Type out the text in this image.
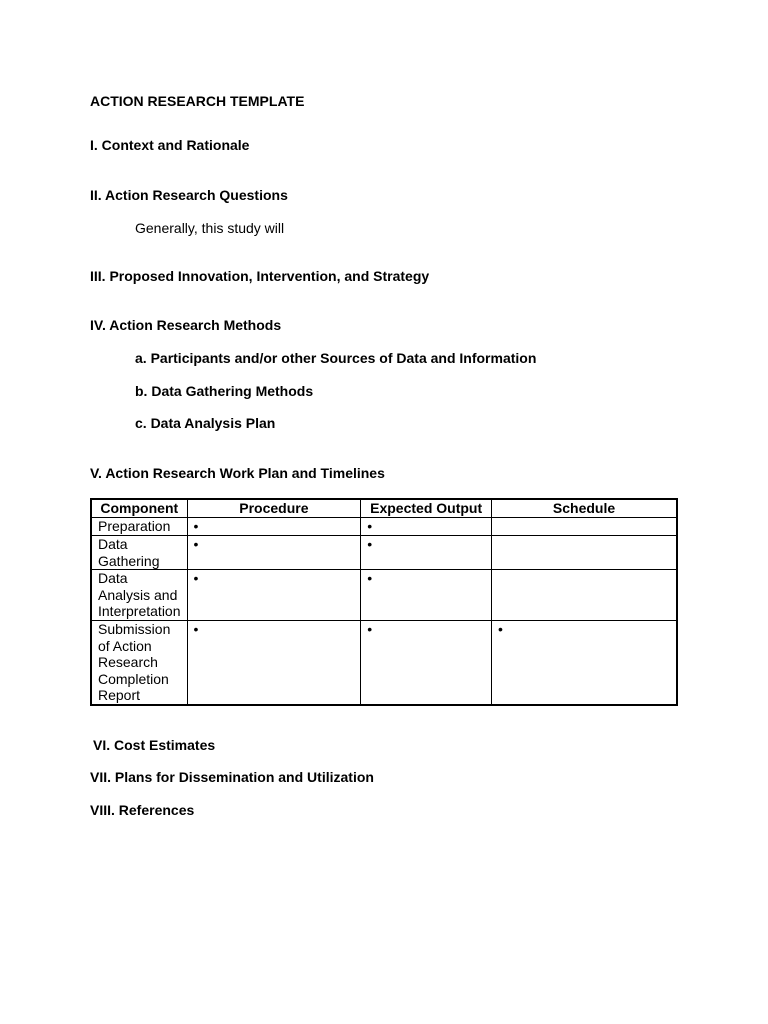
ACTION RESEARCH TEMPLATE
I. Context and Rationale
II. Action Research Questions
Generally, this study will
III. Proposed Innovation, Intervention, and Strategy
IV. Action Research Methods
a. Participants and/or other Sources of Data and Information
b. Data Gathering Methods
c. Data Analysis Plan
V. Action Research Work Plan and Timelines
Component	Procedure	Expected Output	Schedule
Preparation	•	•	
Data Gathering	•	•	
Data Analysis and Interpretation	•	•	
Submission of Action Research Completion Report	•	•	•
VI. Cost Estimates
VII. Plans for Dissemination and Utilization
VIII. References
